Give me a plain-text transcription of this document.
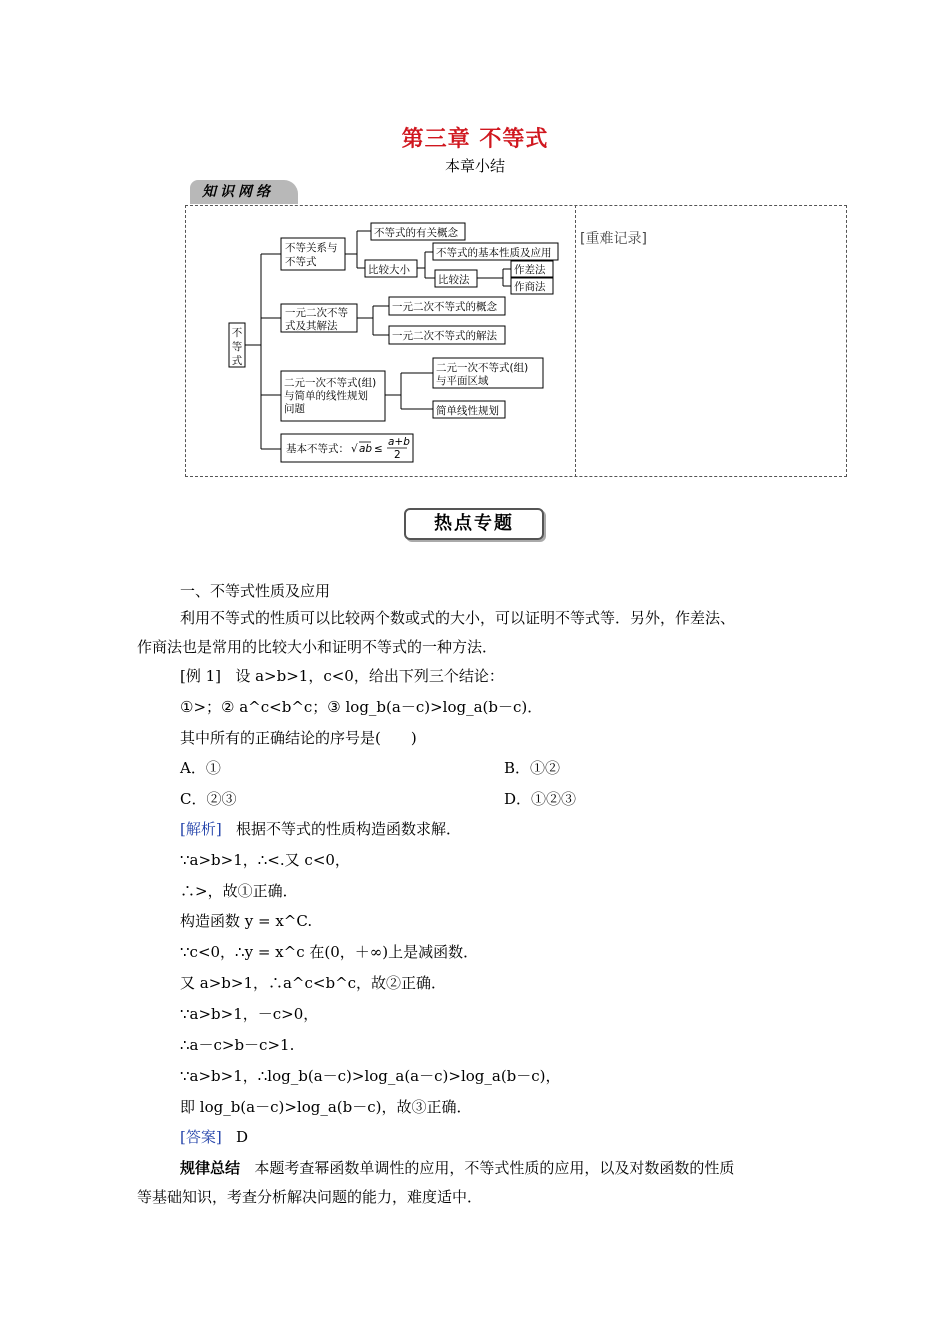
第三章 不等式
本章小结
知识网络
[重难记录]
不
等
式
不等关系与
不等式
不等式的有关概念
比较大小
不等式的基本性质及应用
比较法
作差法
作商法
一元二次不等
式及其解法
一元二次不等式的概念
一元二次不等式的解法
二元一次不等式(组)
与简单的线性规划
问题
二元一次不等式(组)
与平面区域
简单线性规划
基本不等式： √ ab ≤
a+b
2
热点专题
一、不等式性质及应用
利用不等式的性质可以比较两个数或式的大小，可以证明不等式等．另外，作差法、
作商法也是常用的比较大小和证明不等式的一种方法．
[例 1] 设 a>b>1，c<0，给出下列三个结论：
①>；② a^c<b^c；③ log_b(a－c)>log_a(b－c)．
其中所有的正确结论的序号是(　　)
A．①	B．①②
C．②③	D．①②③
[解析] 根据不等式的性质构造函数求解．
∵a>b>1，∴<.又 c<0，
∴>，故①正确．
构造函数 y = x^C.
∵c<0，∴y = x^c 在(0，＋∞)上是减函数．
又 a>b>1，∴a^c<b^c，故②正确．
∵a>b>1，－c>0，
∴a－c>b－c>1.
∵a>b>1，∴log_b(a－c)>log_a(a－c)>log_a(b－c)，
即 log_b(a－c)>log_a(b－c)，故③正确．
[答案] D
规律总结 本题考查幂函数单调性的应用，不等式性质的应用，以及对数函数的性质
等基础知识，考查分析解决问题的能力，难度适中．
